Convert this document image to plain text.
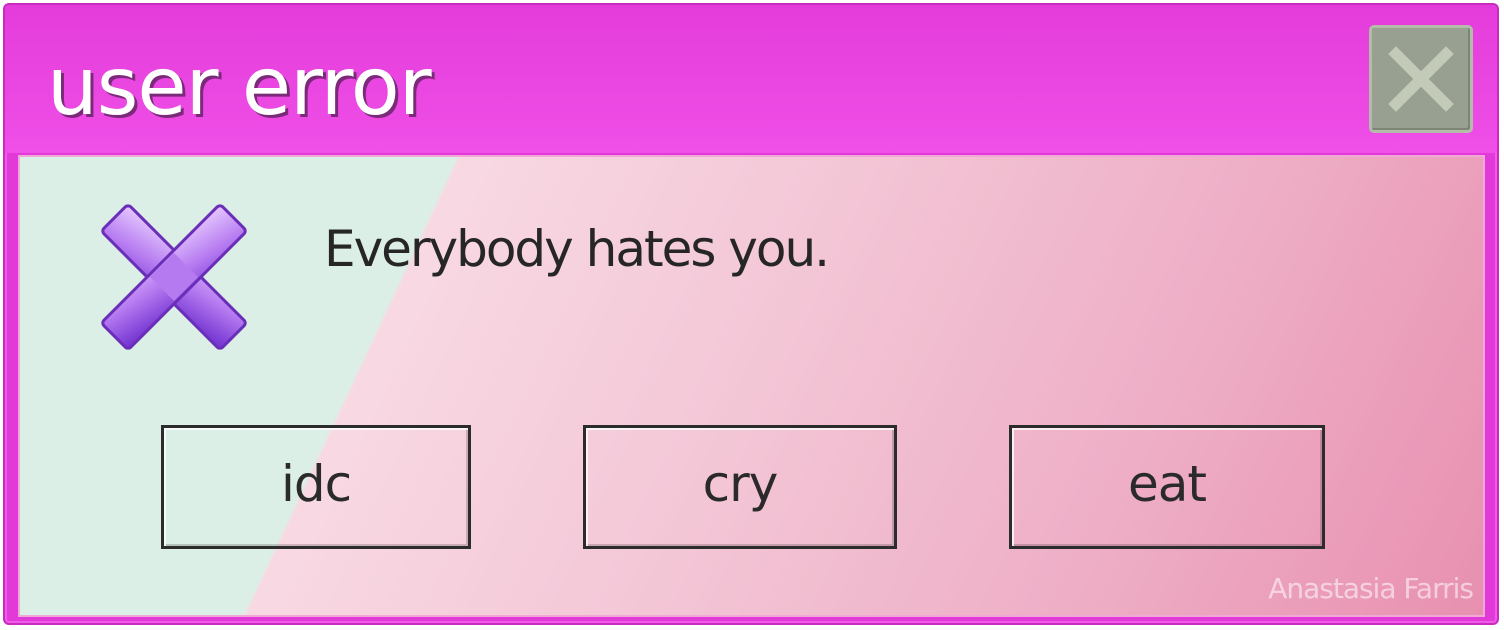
user error
Everybody hates you.
idc	cry	eat
Anastasia Farris
